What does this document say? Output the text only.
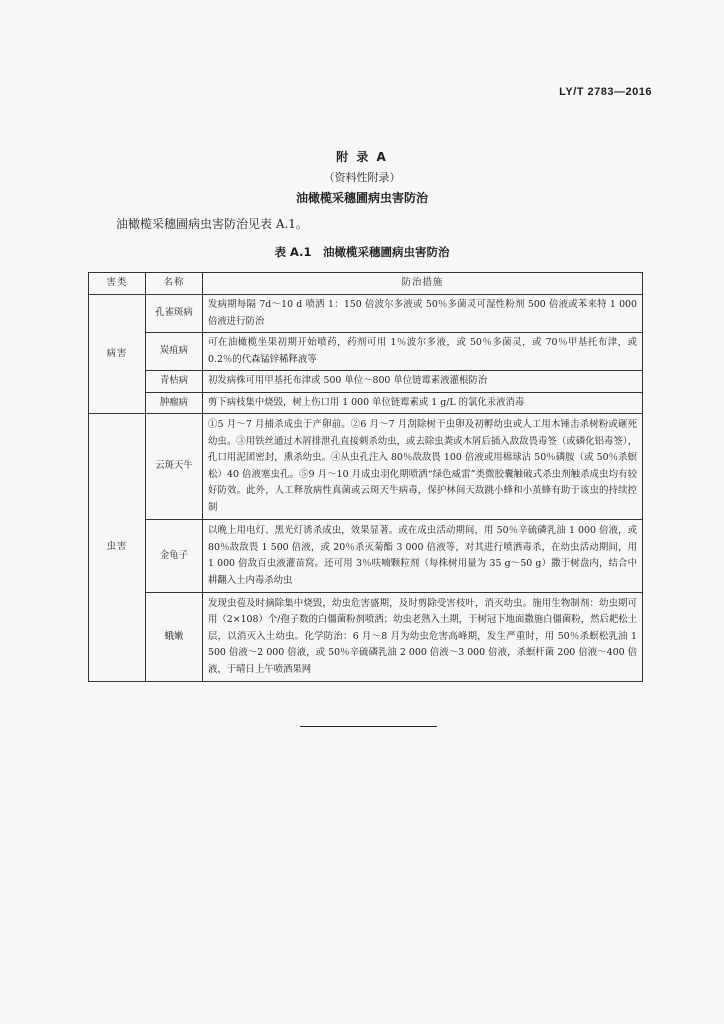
LY/T 2783—2016
附 录 A
（资料性附录）
油橄榄采穗圃病虫害防治
油橄榄采穗圃病虫害防治见表 A.1。
表 A.1　油橄榄采穗圃病虫害防治
害类	名称	防治措施
病害	孔雀斑病	发病期每隔 7d～10 d 喷洒 1：150 倍波尔多液或 50％多菌灵可湿性粉剂 500 倍液或苯来特 1 000 倍液进行防治
	炭疽病	可在油橄榄坐果初期开始喷药，药剂可用 1％波尔多液，或 50％多菌灵，或 70％甲基托布津，或 0.2％的代森锰锌稀释液等
	青枯病	初发病株可用甲基托布津或 500 单位～800 单位链霉素液灌根防治
	肿瘤病	剪下病枝集中烧毁，树上伤口用 1 000 单位链霉素或 1 g/L 的氯化汞液消毒
虫害	云斑天牛	①5 月～7 月捕杀成虫于产卵前。②6 月～7 月刮除树干虫卵及初孵幼虫或人工用木锤击杀树粉或砸死幼虫。③用铁丝通过木屑排泄孔直接刺杀幼虫，或去除虫粪或木屑后插入敌敌畏毒签（或磷化铝毒签），孔口用泥团密封，熏杀幼虫。④从虫孔注入 80％敌敌畏 100 倍液或用棉球沾 50％磷胺（或 50％杀螟松）40 倍液塞虫孔。⑤9 月～10 月成虫羽化期喷洒“绿色威雷”类微胶囊触破式杀虫剂触杀成虫均有较好防效。此外，人工释放病性真菌或云斑天牛病毒，保护林间天敌跳小蜂和小茧蜂有助于该虫的持续控制
	金龟子	以晚上用电灯、黑光灯诱杀成虫，效果显著。或在成虫活动期间，用 50％辛硫磷乳油 1 000 倍液，或 80％敌敌畏 1 500 倍液，或 20％杀灭菊酯 3 000 倍液等，对其进行喷洒毒杀，在幼虫活动期间，用 1 000 倍敌百虫液灌苗窝。还可用 3％呋喃颗粒剂（每株树用量为 35 g～50 g）撒于树盘内，结合中耕翻入土内毒杀幼虫
	蛾嫩	发现虫苞及时摘除集中烧毁，幼虫危害盛期，及时剪除受害枝叶，消灭幼虫。施用生物制剂：幼虫期可用（2×108）个/孢子数的白僵菌粉剂喷洒；幼虫老熟入土期，于树冠下地面撒施白僵菌粉，然后耙松土层，以消灭入土幼虫。化学防治：6 月～8 月为幼虫危害高峰期，发生严重时，用 50％杀螟松乳油 1 500 倍液～2 000 倍液，或 50％辛硫磷乳油 2 000 倍液～3 000 倍液，杀螟杆菌 200 倍液～400 倍液，于晴日上午喷洒果网
